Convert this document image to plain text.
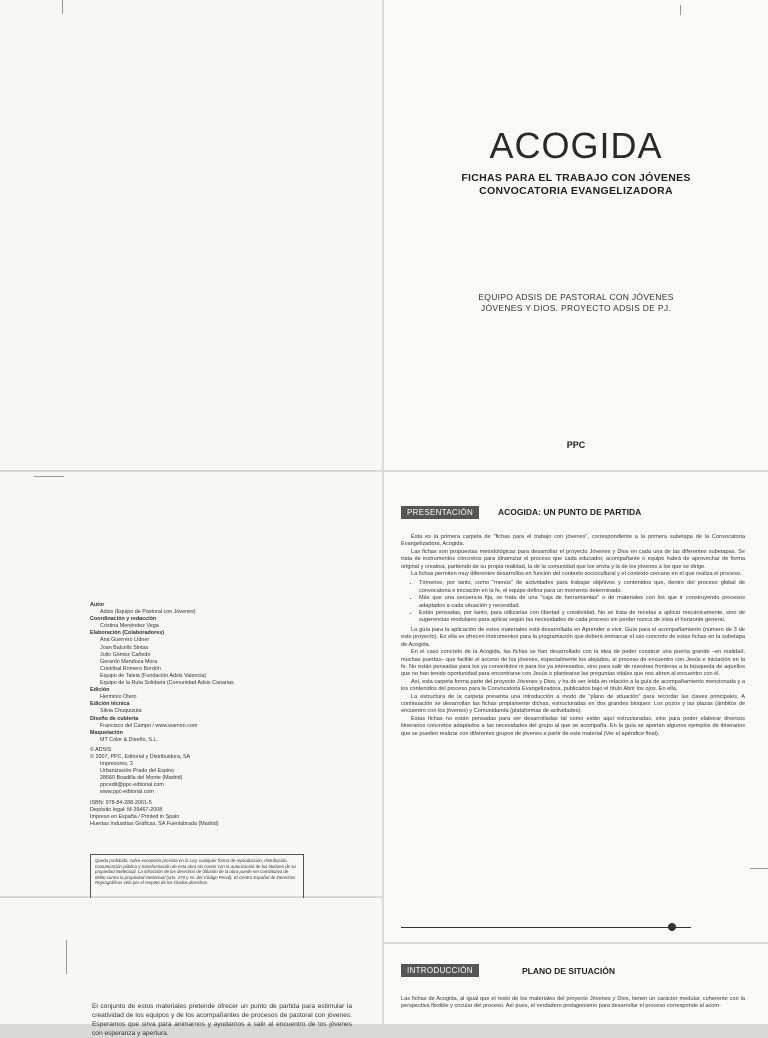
ACOGIDA
FICHAS PARA EL TRABAJO CON JÓVENES
CONVOCATORIA EVANGELIZADORA
EQUIPO ADSIS DE PASTORAL CON JÓVENES
JÓVENES Y DIOS. PROYECTO ADSIS DE PJ.
PPC
Autor
Adsis (Equipo de Pastoral con Jóvenes)
Coordinación y redacción
Cristina Menéndez Vega
Elaboración (Colaboradores)
Ana Guerrero Lidner
Joan Balcells Sintas
Julio Gómez Cañedo
Gerardo Mendoza Mora
Cristóbal Romero Bordón
Equipo de Taleia (Fundación Adsis Valencia)
Equipo de la Ruta Solidaria (Comunidad Adsis Canarias
Edición
Herminio Otero
Edición técnica
Silvia Chuquizuta
Diseño de cubierta
Francisco del Campo / www.wamon.com
Maquetación
MT Color & Diseño, S.L.
© ADSIS
© 2007, PPC, Editorial y Distribuidora, SA
Impresores, 2
Urbanización Prado del Espino
28660 Boadilla del Monte (Madrid)
ppcedit@ppc-editorial.com
www.ppc-editorial.com
ISBN: 978-84-288-2061-5
Depósito legal: M-39467-2008
Impreso en España / Printed in Spain
Huertas Industrias Gráficas, SA Fuenlabrada (Madrid)
Queda prohibida, salvo excepción prevista en la Ley, cualquier forma de reproducción, distribución, comunicación pública y transformación de esta obra sin contar con la autorización de los titulares de su propiedad intelectual. La infracción de los derechos de difusión de la obra puede ser constitutiva de delito contra la propiedad intelectual (arts. 270 y ss. del Código Penal). El Centro Español de Derechos Reprográficos vela por el respeto de los citados derechos.
PRESENTACIÓN	ACOGIDA: UN PUNTO DE PARTIDA

Ésta es la primera carpeta de "fichas para el trabajo con jóvenes", correspondiente a la primera subetapa de la Convocatoria Evangelizadora, Acogida.

Las fichas son propuestas metodológicas para desarrollar el proyecto Jóvenes y Dios en cada una de las diferentes subetapas. Se trata de instrumentos concretos para dinamizar el proceso que cada educador, acompañante o equipo habrá de aprovechar de forma original y creativa, partiendo de su propia realidad, la de la comunidad que los envía y la de los jóvenes a los que se dirige.

La fichas permiten muy diferentes desarrollos en función del contexto sociocultural y el contexto cercano en el que realiza el proceso.

• Tómense, por tanto, como "menús" de actividades para trabajar objetivos y contenidos que, dentro del proceso global de convocatoria e iniciación en la fe, el equipo defina para un momento determinado.
• Más que una secuencia fija, se trata de una "caja de herramientas" o de materiales con los que ir construyendo procesos adaptados a cada situación y necesidad.
• Están pensadas, por tanto, para utilizarlas con libertad y creatividad. No se trata de recetas a aplicar mecánicamente, sino de sugerencias modulares para aplicar según las necesidades de cada proceso sin perder nunca de vista el horizonte general.

La guía para la aplicación de estos materiales está desarrollada en Aprender a vivir. Guía para el acompañamiento (número de 3 de este proyecto). En ella se ofrecen instrumentos para la programación que deberá enmarcar el uso concreto de estas fichas en la subetapa de Acogida.

En el caso concreto de la Acogida, las fichas se han desarrollado con la idea de poder construir una puerta grande –en realidad, muchas puertas– que facilite el acceso de los jóvenes, especialmente los alejados, al proceso de encuentro con Jesús e iniciación en la fe. No están pensadas para los ya convertidos ni para los ya interesados, sino para salir de nuestras fronteras a la búsqueda de aquellos que no han tenido oportunidad para encontrarse con Jesús o plantearse las preguntas vitales que nos abren al encuentro con él.

Así, esta carpeta forma parte del proyecto Jóvenes y Dios, y ha de ser leída en relación a la guía de acompañamiento mencionada y a los contenidos del proceso para la Convocatoria Evangelizadora, publicados bajo el título Abrir los ojos. En ella,

La estructura de la carpeta presenta una introducción a modo de "plano de situación" para recordar las claves principales. A continuación se desarrollan las fichas propiamente dichas, estructuradas en dos grandes bloques: Los pozos y las plazas (ámbitos de encuentro con los jóvenes) y Comunidanda (plataformas de actividades).

Estas fichas no están pensadas para ser desarrolladas tal como están aquí estructuradas, sino para poder elaborar diversos itinerarios concretos adaptados a las necesidades del grupo al que se acompaña. En la guía se aportan algunos ejemplos de itinerarios que se pueden realizar con diferentes grupos de jóvenes a partir de este material (Ver el apéndice final).

El conjunto de estos materiales pretende ofrecer un punto de partida para estimular la creatividad de los equipos y de los acompañantes de procesos de pastoral con jóvenes. Esperamos que sirva para animarnos y ayudarnos a salir al encuentro de los jóvenes con esperanza y apertura.
INTRODUCCIÓN	PLANO DE SITUACIÓN
Las fichas de Acogida, al igual que el resto de los materiales del proyecto Jóvenes y Dios, tienen un carácter modular, coherente con la perspectiva flexible y circular del proceso. Así pues, el verdadero protagonismo para desarrollar el proceso corresponde al acom-
